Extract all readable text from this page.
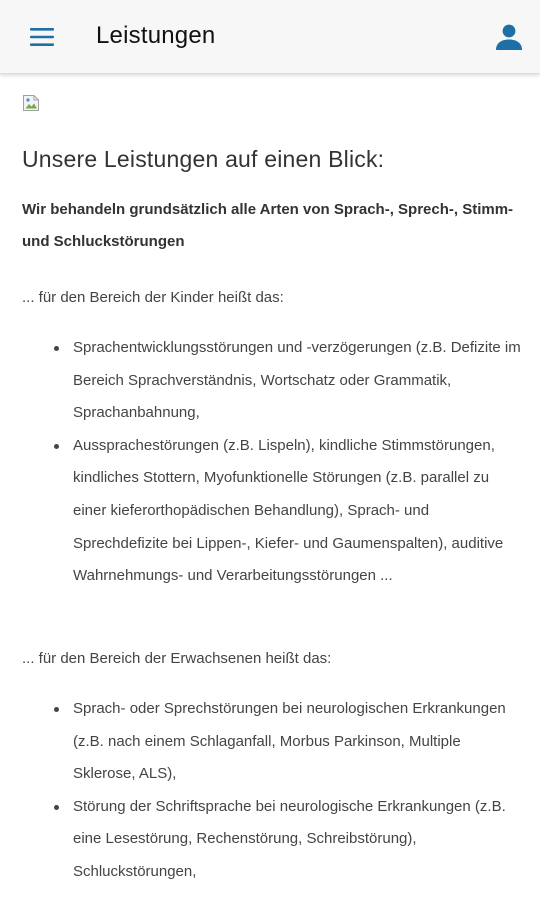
Leistungen
Unsere Leistungen auf einen Blick:

Wir behandeln grundsätzlich alle Arten von Sprach-, Sprech-, Stimm- und Schluckstörungen

... für den Bereich der Kinder heißt das:

Sprachentwicklungsstörungen und -verzögerungen (z.B. Defizite im Bereich Sprachverständnis, Wortschatz oder Grammatik, Sprachanbahnung,
Aussprachestörungen (z.B. Lispeln), kindliche Stimmstörungen, kindliches Stottern, Myofunktionelle Störungen (z.B. parallel zu einer kieferorthopädischen Behandlung), Sprach- und Sprechdefizite bei Lippen-, Kiefer- und Gaumenspalten), auditive Wahrnehmungs- und Verarbeitungsstörungen ...

... für den Bereich der Erwachsenen heißt das:

Sprach- oder Sprechstörungen bei neurologischen Erkrankungen (z.B. nach einem Schlaganfall, Morbus Parkinson, Multiple Sklerose, ALS),
Störung der Schriftsprache bei neurologische Erkrankungen (z.B. eine Lesestörung, Rechenstörung, Schreibstörung), Schluckstörungen,
